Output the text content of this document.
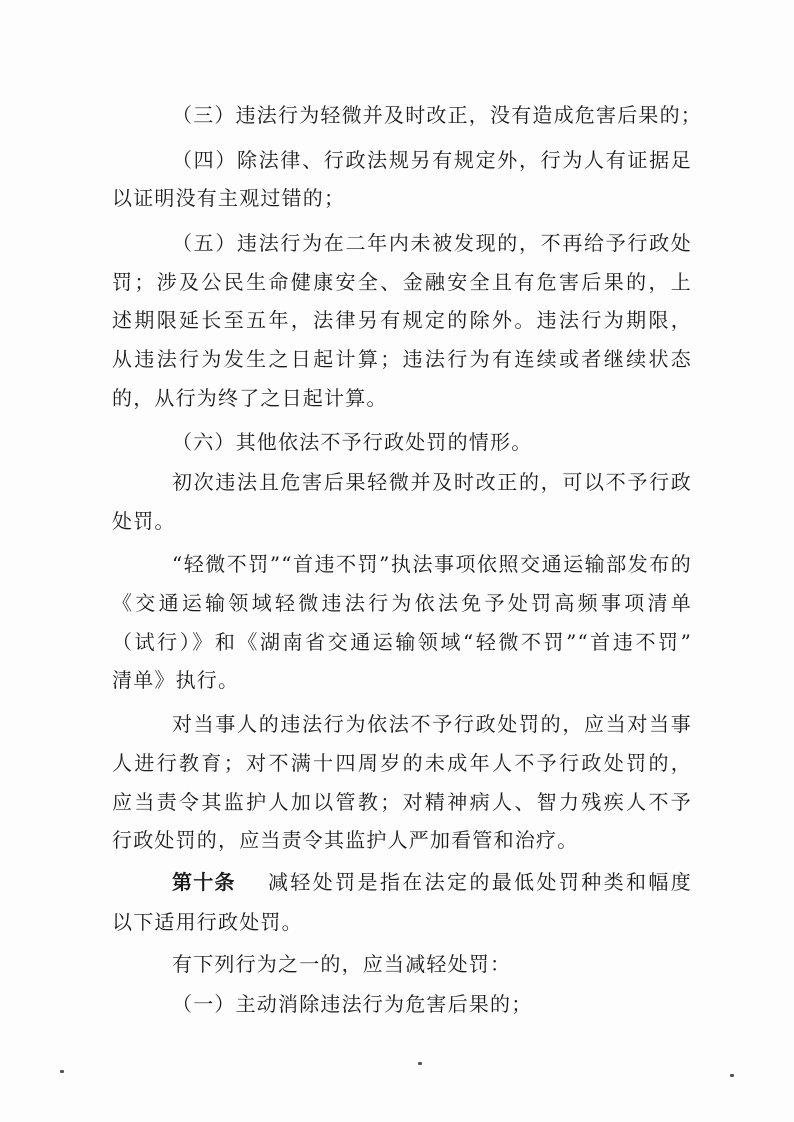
（三）违法行为轻微并及时改正，没有造成危害后果的；
（四）除法律、行政法规另有规定外，行为人有证据足
以证明没有主观过错的；
（五）违法行为在二年内未被发现的，不再给予行政处
罚；涉及公民生命健康安全、金融安全且有危害后果的，上
述期限延长至五年，法律另有规定的除外。违法行为期限，
从违法行为发生之日起计算；违法行为有连续或者继续状态
的，从行为终了之日起计算。
（六）其他依法不予行政处罚的情形。
初次违法且危害后果轻微并及时改正的，可以不予行政
处罚。
“轻微不罚”“首违不罚”执法事项依照交通运输部发布的
《交通运输领域轻微违法行为依法免予处罚高频事项清单
（试行）》和《湖南省交通运输领域“轻微不罚”“首违不罚”
清单》执行。
对当事人的违法行为依法不予行政处罚的，应当对当事
人进行教育；对不满十四周岁的未成年人不予行政处罚的，
应当责令其监护人加以管教；对精神病人、智力残疾人不予
行政处罚的，应当责令其监护人严加看管和治疗。
第十条	减轻处罚是指在法定的最低处罚种类和幅度
以下适用行政处罚。
有下列行为之一的，应当减轻处罚：
（一）主动消除违法行为危害后果的；
